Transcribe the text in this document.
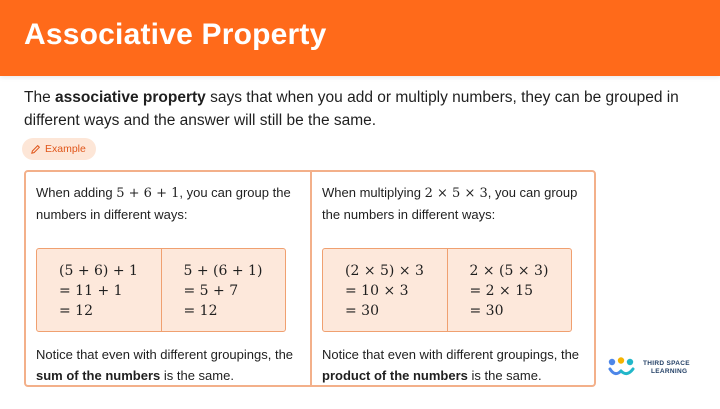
Associative Property
The associative property says that when you add or multiply numbers, they can be grouped in different ways and the answer will still be the same.
Example
When adding 5 + 6 + 1, you can group the numbers in different ways:
(5 + 6) + 1
= 11 + 1
= 12
5 + (6 + 1)
= 5 + 7
= 12
Notice that even with different groupings, the sum of the numbers is the same.
When multiplying 2 × 5 × 3, you can group the numbers in different ways:
(2 × 5) × 3
= 10 × 3
= 30
2 × (5 × 3)
= 2 × 15
= 30
Notice that even with different groupings, the product of the numbers is the same.
THIRD SPACE
LEARNING
